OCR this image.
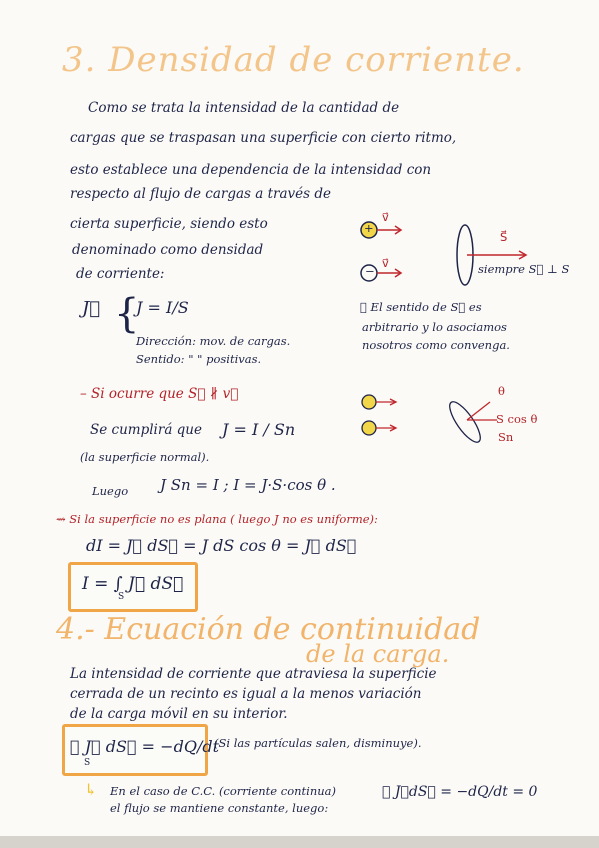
3. Densidad de corriente.
Como se trata la intensidad de la cantidad de
cargas que se traspasan una superficie con cierto ritmo,
esto establece una dependencia de la intensidad con
respecto al flujo de cargas a través de
cierta superficie, siendo esto
denominado como densidad
de corriente:
+
−
v⃗
v⃗
S⃗
siempre S⃗ ⊥ S
J⃗ {
J = I/S
Dirección: mov. de cargas.
Sentido: " " positivas.
✱ El sentido de S⃗ es
arbitrario y lo asociamos
nosotros como convenga.
– Si ocurre que S⃗ ∦ v⃗
S cos θ
θ
Sn
Se cumplirá que J = I / Sn
(la superficie normal).
Luego J Sn = I ; I = J·S·cos θ .
⇝ Si la superficie no es plana ( luego J no es uniforme):
dI = J⃗ dS⃗ = J dS cos θ = J⃗ dS⃗
I = ∫ J⃗ dS⃗
S
4.- Ecuación de continuidad
de la carga.
La intensidad de corriente que atraviesa la superficie
cerrada de un recinto es igual a la menos variación
de la carga móvil en su interior.
∮ J⃗ dS⃗ = −dQ/dt
S
(Si las partículas salen, disminuye).
↳ En el caso de C.C. (corriente continua)
el flujo se mantiene constante, luego:
∮ J⃗dS⃗ = −dQ/dt = 0
